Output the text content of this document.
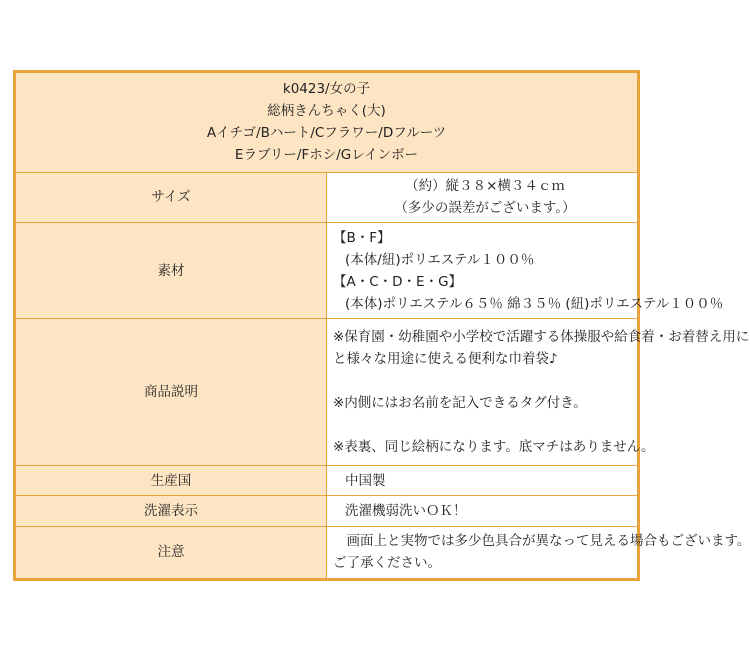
k0423/女の子
総柄きんちゃく(大)
Aイチゴ/Bハート/Cフラワー/Dフルーツ
Eラブリー/Fホシ/Gレインボー	

サイズ	（約）縦３８×横３４ｃｍ
（多少の誤差がございます。）

素材	【B・F】
(本体/紐)ポリエステル１００％
【A・C・D・E・G】
(本体)ポリエステル６５％ 綿３５％ (紐)ポリエステル１００％

商品説明	※保育園・幼稚園や小学校で活躍する体操服や給食着・お着替え用に
と様々な用途に使える便利な巾着袋♪
※内側にはお名前を記入できるタグ付き。
※表裏、同じ絵柄になります。底マチはありません。

生産国	中国製

洗濯表示	洗濯機弱洗いＯＫ！

注意	　画面上と実物では多少色具合が異なって見える場合もございます。
ご了承ください。
